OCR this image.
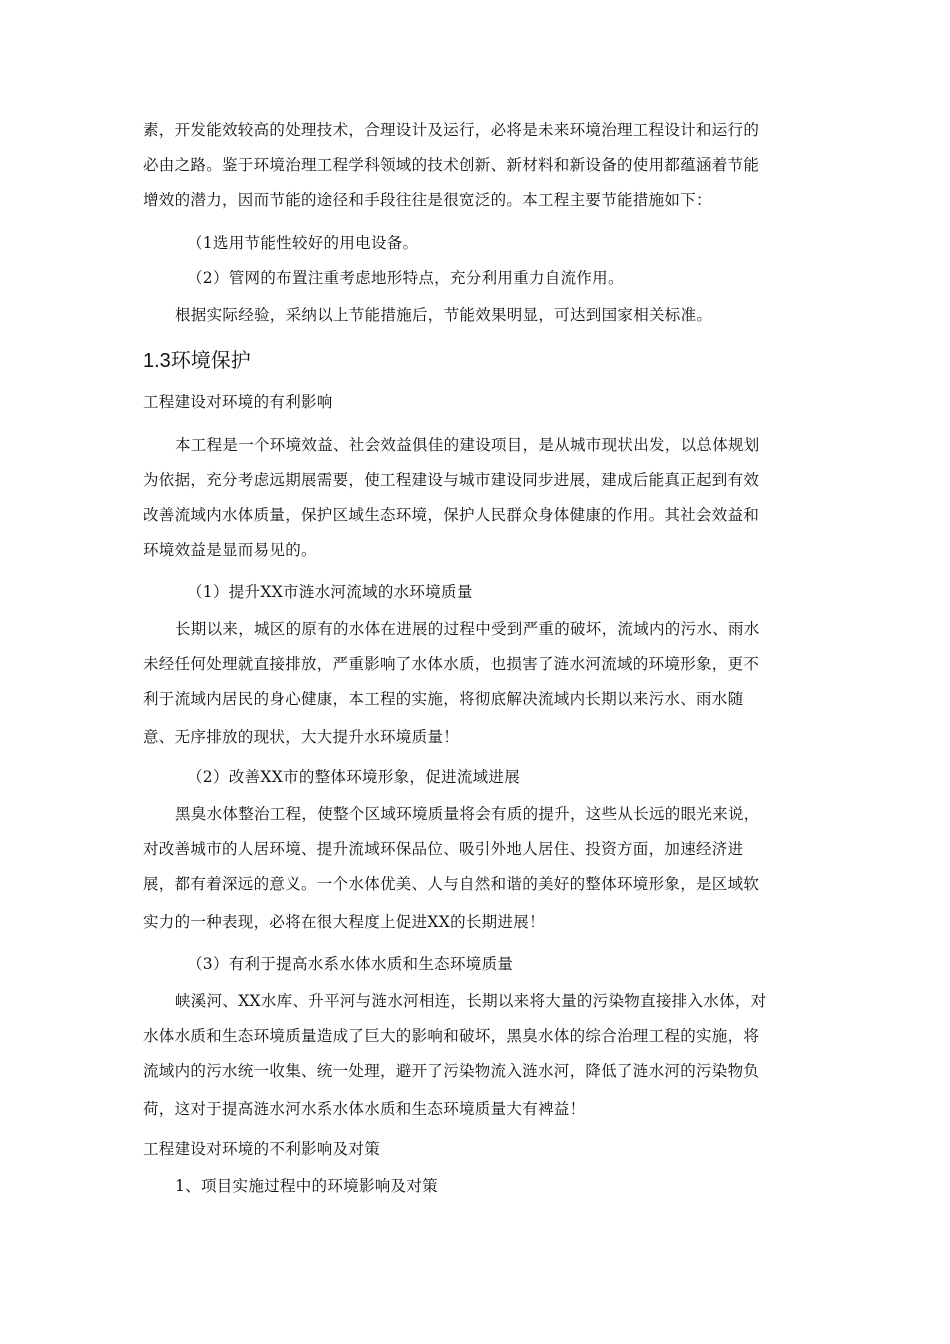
素，开发能效较高的处理技术，合理设计及运行，必将是未来环境治理工程设计和运行的
必由之路。鉴于环境治理工程学科领域的技术创新、新材料和新设备的使用都蕴涵着节能
增效的潜力，因而节能的途径和手段往往是很宽泛的。本工程主要节能措施如下：
（1选用节能性较好的用电设备。
（2）管网的布置注重考虑地形特点，充分利用重力自流作用。
根据实际经验，采纳以上节能措施后，节能效果明显，可达到国家相关标准。
1.3环境保护
工程建设对环境的有利影响
本工程是一个环境效益、社会效益俱佳的建设项目，是从城市现状出发，以总体规划
为依据，充分考虑远期展需要，使工程建设与城市建设同步进展，建成后能真正起到有效
改善流域内水体质量，保护区域生态环境，保护人民群众身体健康的作用。其社会效益和
环境效益是显而易见的。
（1）提升XX市涟水河流域的水环境质量
长期以来，城区的原有的水体在进展的过程中受到严重的破坏，流域内的污水、雨水
未经任何处理就直接排放，严重影响了水体水质，也损害了涟水河流域的环境形象，更不
利于流域内居民的身心健康，本工程的实施，将彻底解决流域内长期以来污水、雨水随
意、无序排放的现状，大大提升水环境质量！
（2）改善XX市的整体环境形象，促进流域进展
黑臭水体整治工程，使整个区域环境质量将会有质的提升，这些从长远的眼光来说，
对改善城市的人居环境、提升流域环保品位、吸引外地人居住、投资方面，加速经济进
展，都有着深远的意义。一个水体优美、人与自然和谐的美好的整体环境形象，是区域软
实力的一种表现，必将在很大程度上促进XX的长期进展！
（3）有利于提高水系水体水质和生态环境质量
峡溪河、XX水库、升平河与涟水河相连，长期以来将大量的污染物直接排入水体，对
水体水质和生态环境质量造成了巨大的影响和破坏，黑臭水体的综合治理工程的实施，将
流域内的污水统一收集、统一处理，避开了污染物流入涟水河，降低了涟水河的污染物负
荷，这对于提高涟水河水系水体水质和生态环境质量大有裨益！
工程建设对环境的不利影响及对策
1、项目实施过程中的环境影响及对策
